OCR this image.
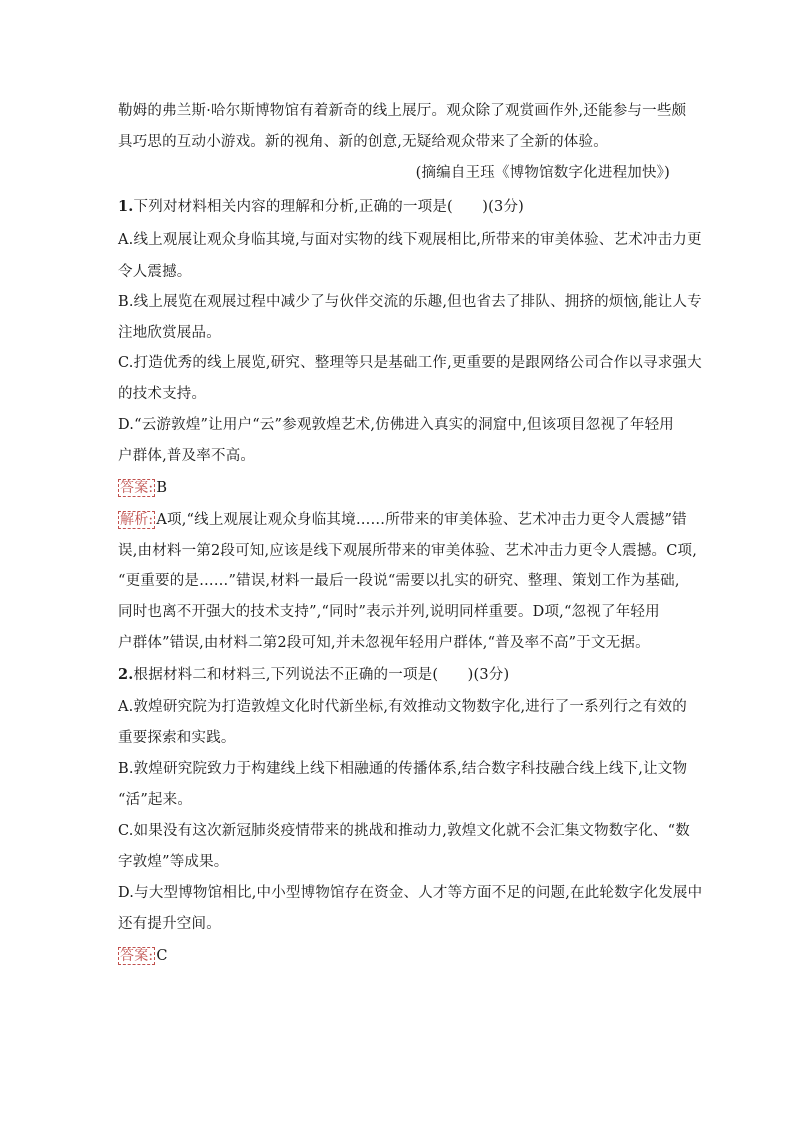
勒姆的弗兰斯·哈尔斯博物馆有着新奇的线上展厅。观众除了观赏画作外,还能参与一些颇
具巧思的互动小游戏。新的视角、新的创意,无疑给观众带来了全新的体验。
(摘编自王珏《博物馆数字化进程加快》)
1.下列对材料相关内容的理解和分析,正确的一项是(　　)(3分)
A.线上观展让观众身临其境,与面对实物的线下观展相比,所带来的审美体验、艺术冲击力更
令人震撼。
B.线上展览在观展过程中减少了与伙伴交流的乐趣,但也省去了排队、拥挤的烦恼,能让人专
注地欣赏展品。
C.打造优秀的线上展览,研究、整理等只是基础工作,更重要的是跟网络公司合作以寻求强大
的技术支持。
D.“云游敦煌”让用户“云”参观敦煌艺术,仿佛进入真实的洞窟中,但该项目忽视了年轻用
户群体,普及率不高。
答案: B
解析: A项,“线上观展让观众身临其境……所带来的审美体验、艺术冲击力更令人震撼”错
误,由材料一第2段可知,应该是线下观展所带来的审美体验、艺术冲击力更令人震撼。C项,
“更重要的是……”错误,材料一最后一段说“需要以扎实的研究、整理、策划工作为基础,
同时也离不开强大的技术支持”,“同时”表示并列,说明同样重要。D项,“忽视了年轻用
户群体”错误,由材料二第2段可知,并未忽视年轻用户群体,“普及率不高”于文无据。
2.根据材料二和材料三,下列说法不正确的一项是(　　)(3分)
A.敦煌研究院为打造敦煌文化时代新坐标,有效推动文物数字化,进行了一系列行之有效的
重要探索和实践。
B.敦煌研究院致力于构建线上线下相融通的传播体系,结合数字科技融合线上线下,让文物
“活”起来。
C.如果没有这次新冠肺炎疫情带来的挑战和推动力,敦煌文化就不会汇集文物数字化、“数
字敦煌”等成果。
D.与大型博物馆相比,中小型博物馆存在资金、人才等方面不足的问题,在此轮数字化发展中
还有提升空间。
答案: C
